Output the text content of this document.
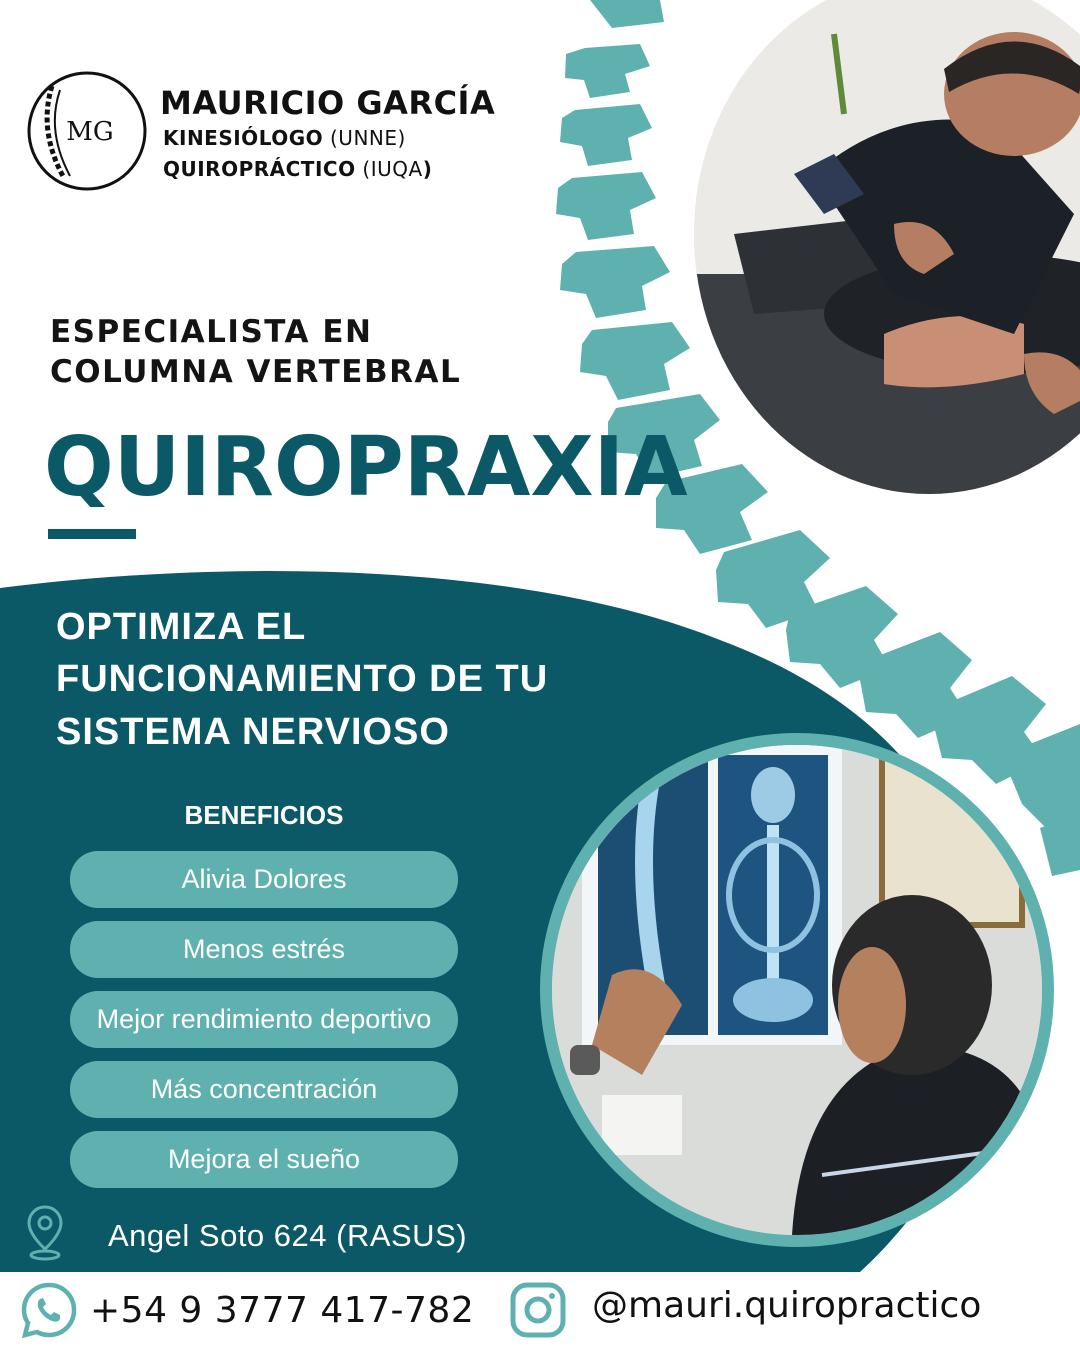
MG
MAURICIO GARCÍA
KINESIÓLOGO (UNNE)
QUIROPRÁCTICO (IUQA)
ESPECIALISTA EN
COLUMNA VERTEBRAL
QUIROPRAXIA
OPTIMIZA EL
FUNCIONAMIENTO DE TU
SISTEMA NERVIOSO
BENEFICIOS
Alivia Dolores
Menos estrés
Mejor rendimiento deportivo
Más concentración
Mejora el sueño
Angel Soto 624 (RASUS)
+54 9 3777 417-782	@mauri.quiropractico
